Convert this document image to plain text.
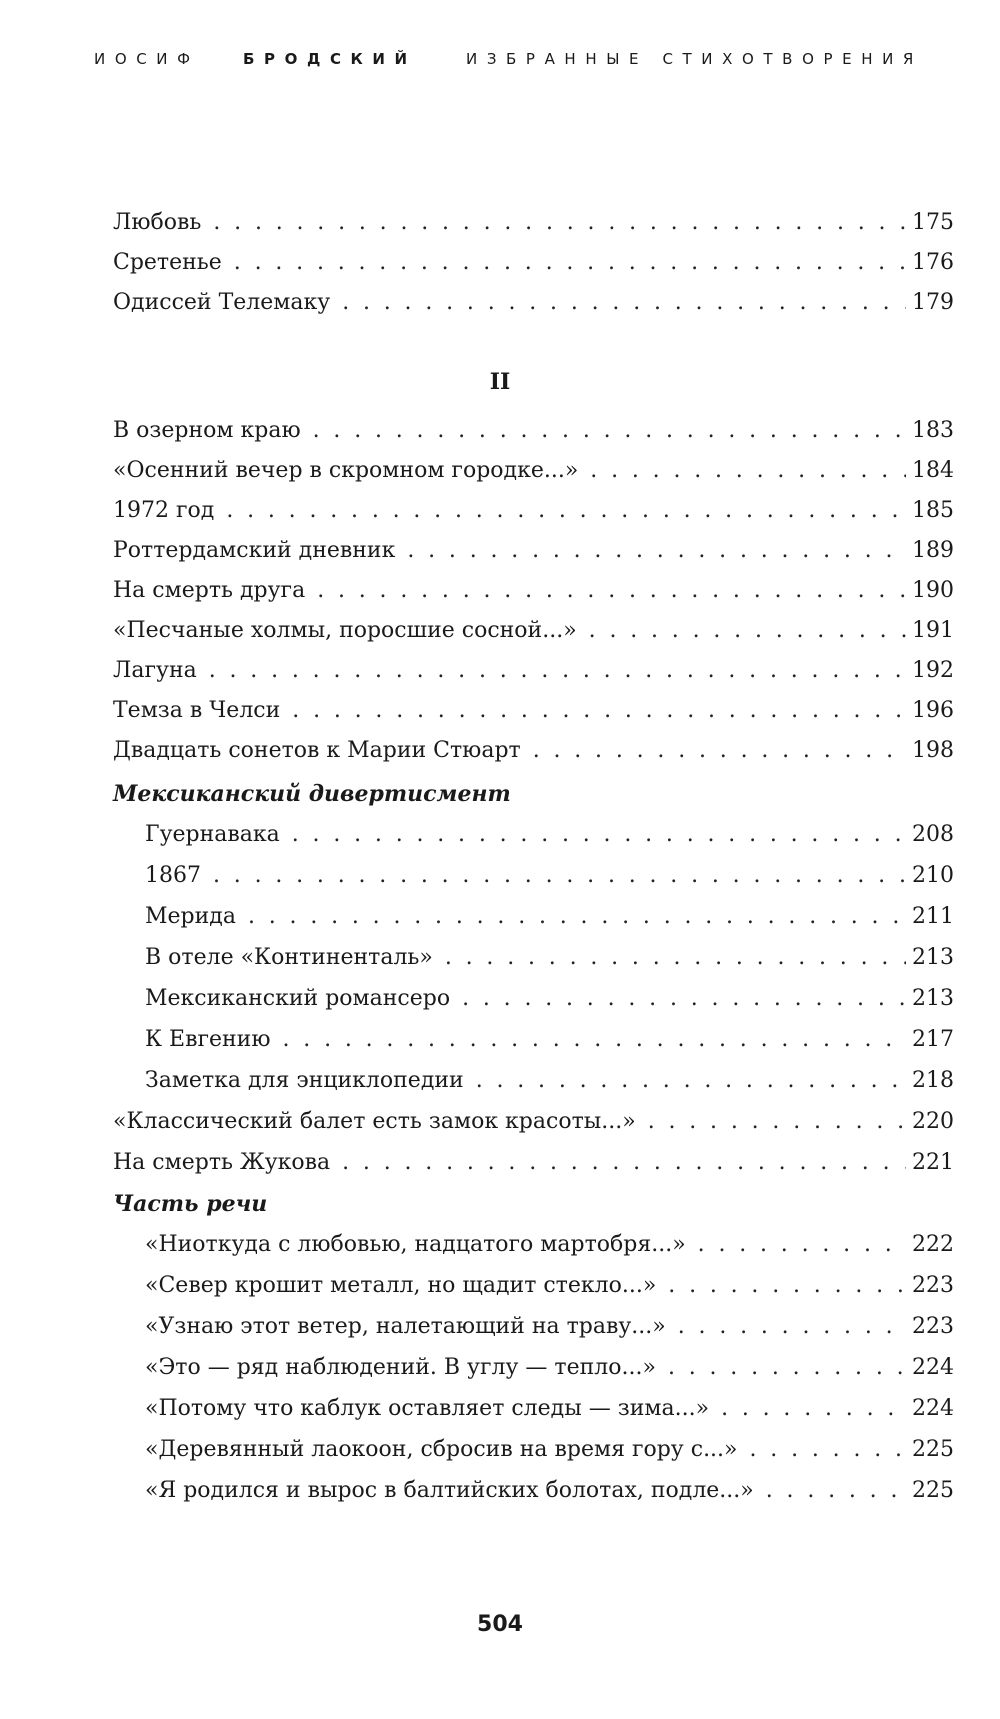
ИОСИФ	БРОДСКИЙ	ИЗБРАННЫЕ СТИХОТВОРЕНИЯ
Любовь . . .	175
Сретенье . . .	176
Одиссей Телемаку . . .	179
II
В озерном краю . . .	183
«Осенний вечер в скромном городке...» . . .	184
1972 год . . .	185
Роттердамский дневник . . .	189
На смерть друга . . .	190
«Песчаные холмы, поросшие сосной...» . . .	191
Лагуна . . .	192
Темза в Челси . . .	196
Двадцать сонетов к Марии Стюарт . . .	198
Мексиканский дивертисмент
Гуернавака . . .	208
1867 . . .	210
Мерида . . .	211
В отеле «Континенталь» . . .	213
Мексиканский романсеро . . .	213
К Евгению . . .	217
Заметка для энциклопедии . . .	218
«Классический балет есть замок красоты...» . . .	220
На смерть Жукова . . .	221
Часть речи
«Ниоткуда с любовью, надцатого мартобря...» . . .	222
«Север крошит металл, но щадит стекло...» . . .	223
«Узнаю этот ветер, налетающий на траву...» . . .	223
«Это — ряд наблюдений. В углу — тепло...» . . .	224
«Потому что каблук оставляет следы — зима...» . . .	224
«Деревянный лаокоон, сбросив на время гору с...» . . .	225
«Я родился и вырос в балтийских болотах, подле...» . . .	225
504
